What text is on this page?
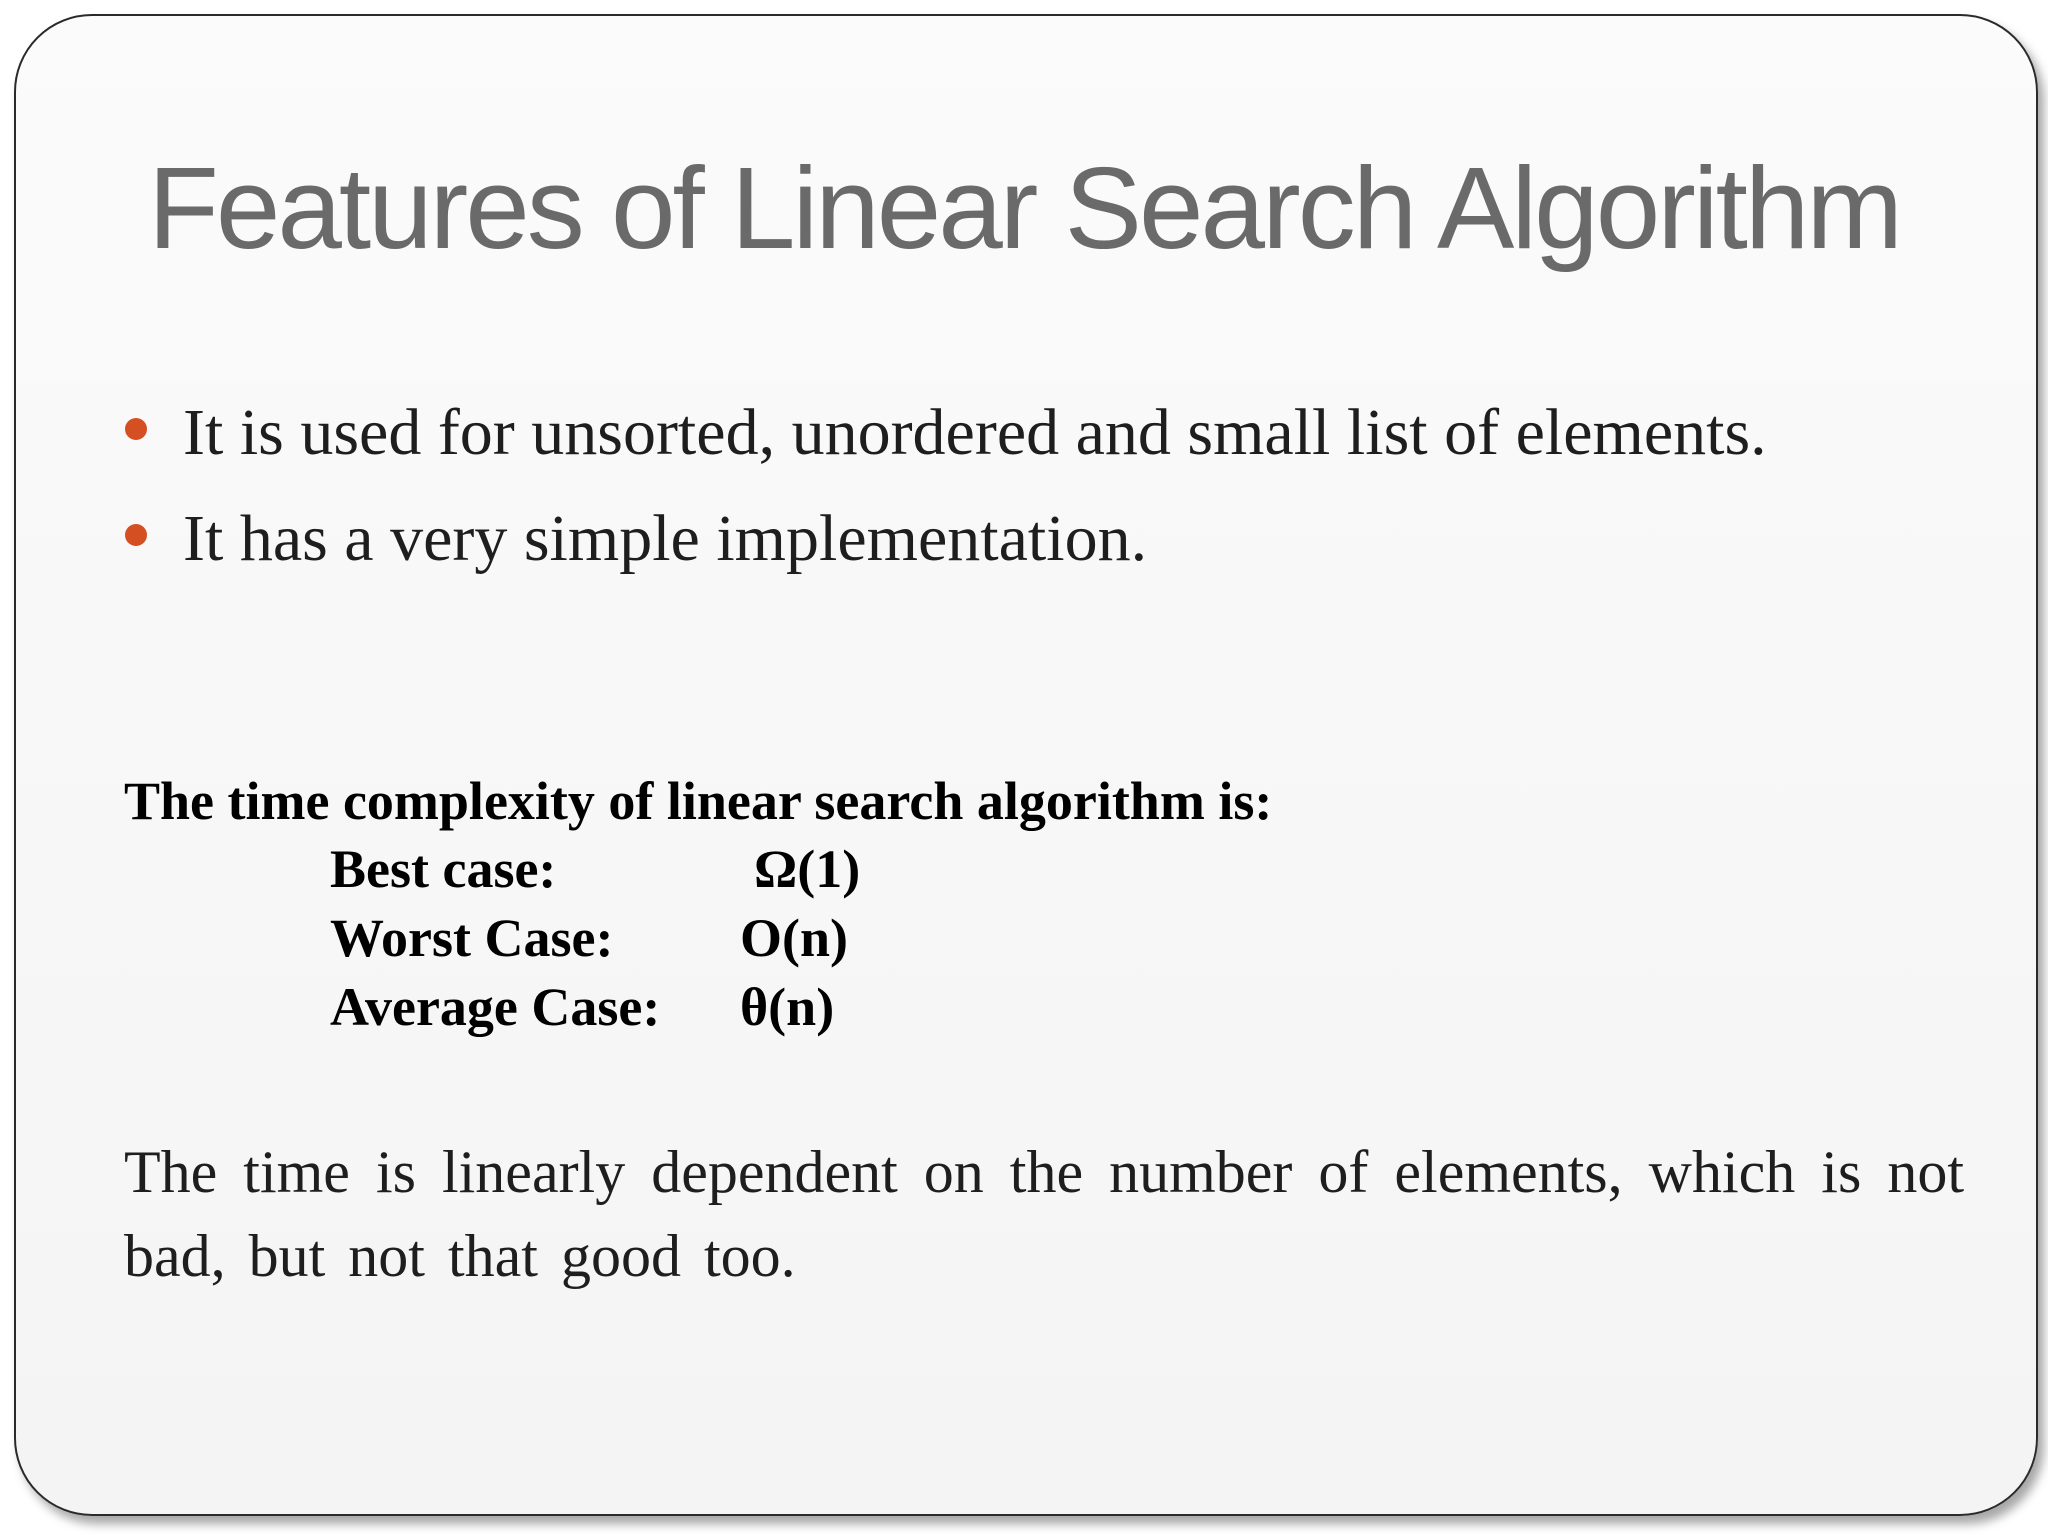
Features of Linear Search Algorithm
It is used for unsorted, unordered and small list of elements.
It has a very simple implementation.
The time complexity of linear search algorithm is:
Best case:	Ω(1)
Worst Case: O(n)
Average Case: θ(n)

The time is linearly dependent on the number of elements, which is not bad, but not that good too.
